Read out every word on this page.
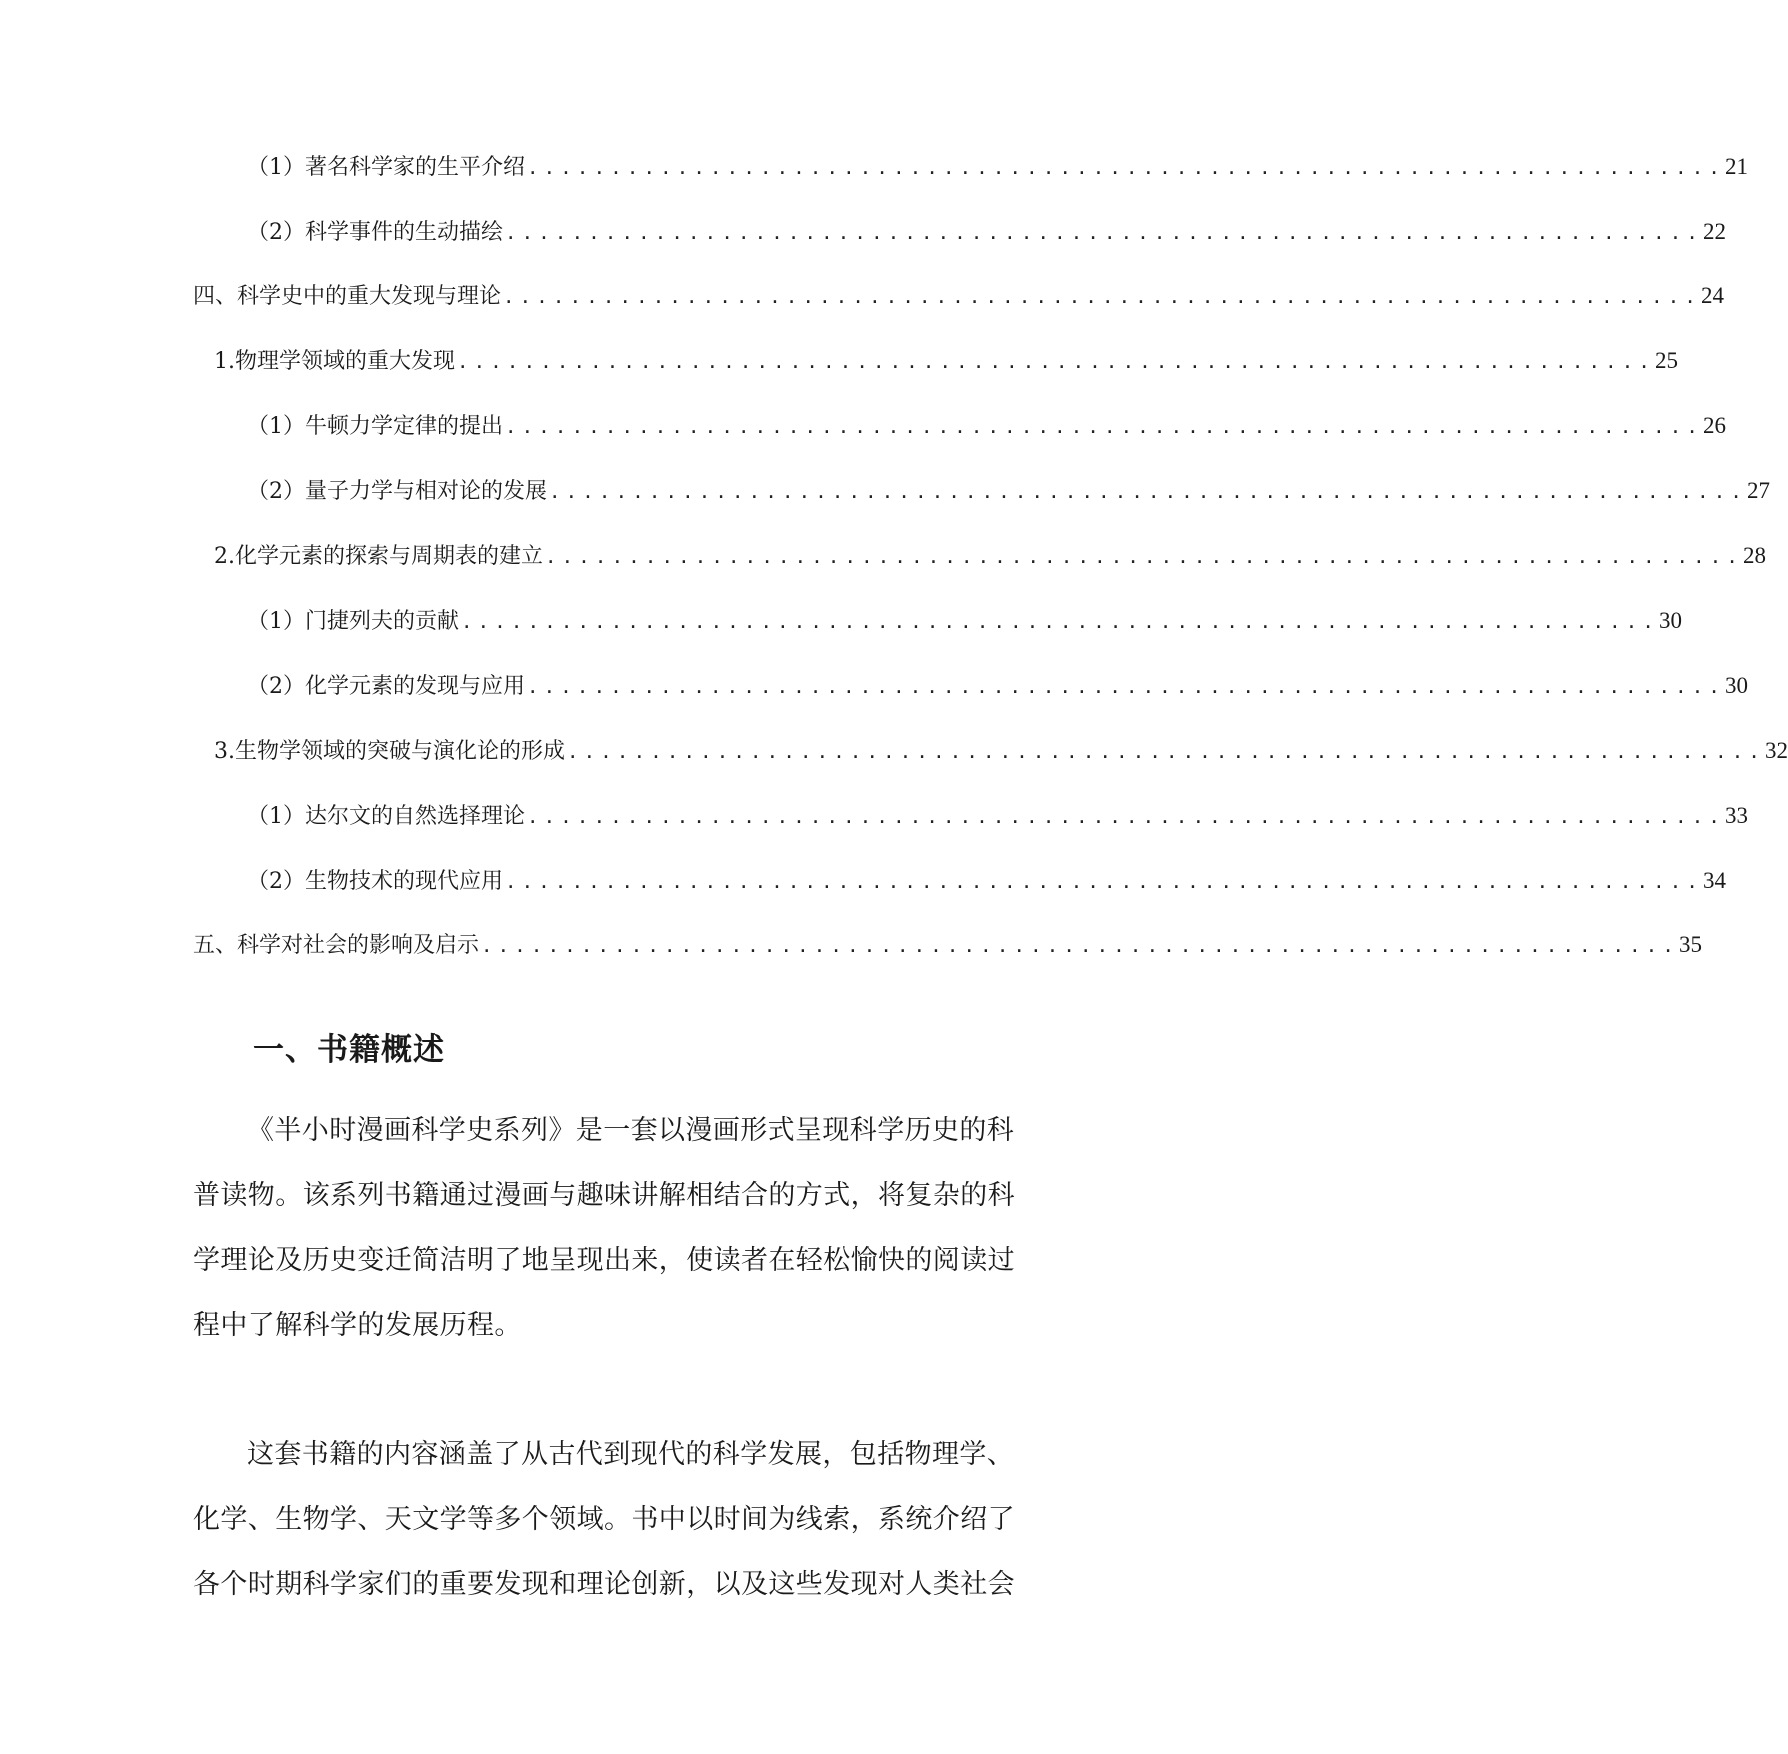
（1） 著名科学家的生平介绍 ........................................................................ 21
（2） 科学事件的生动描绘 ........................................................................ 22
四、科学史中的重大发现与理论 ........................................................................ 24
1. 物理学领域的重大发现 ........................................................................ 25
（1） 牛顿力学定律的提出 ........................................................................ 26
（2） 量子力学与相对论的发展 ........................................................................ 27
2. 化学元素的探索与周期表的建立 ........................................................................ 28
（1） 门捷列夫的贡献 ........................................................................ 30
（2） 化学元素的发现与应用 ........................................................................ 30
3. 生物学领域的突破与演化论的形成 ........................................................................ 32
（1） 达尔文的自然选择理论 ........................................................................ 33
（2） 生物技术的现代应用 ........................................................................ 34
五、科学对社会的影响及启示 ........................................................................ 35
一、书籍概述

《半小时漫画科学史系列》是一套以漫画形式呈现科学历史的科
普读物。该系列书籍通过漫画与趣味讲解相结合的方式，将复杂的科
学理论及历史变迁简洁明了地呈现出来，使读者在轻松愉快的阅读过
程中了解科学的发展历程。

这套书籍的内容涵盖了从古代到现代的科学发展，包括物理学、
化学、生物学、天文学等多个领域。书中以时间为线索，系统介绍了
各个时期科学家们的重要发现和理论创新，以及这些发现对人类社会
